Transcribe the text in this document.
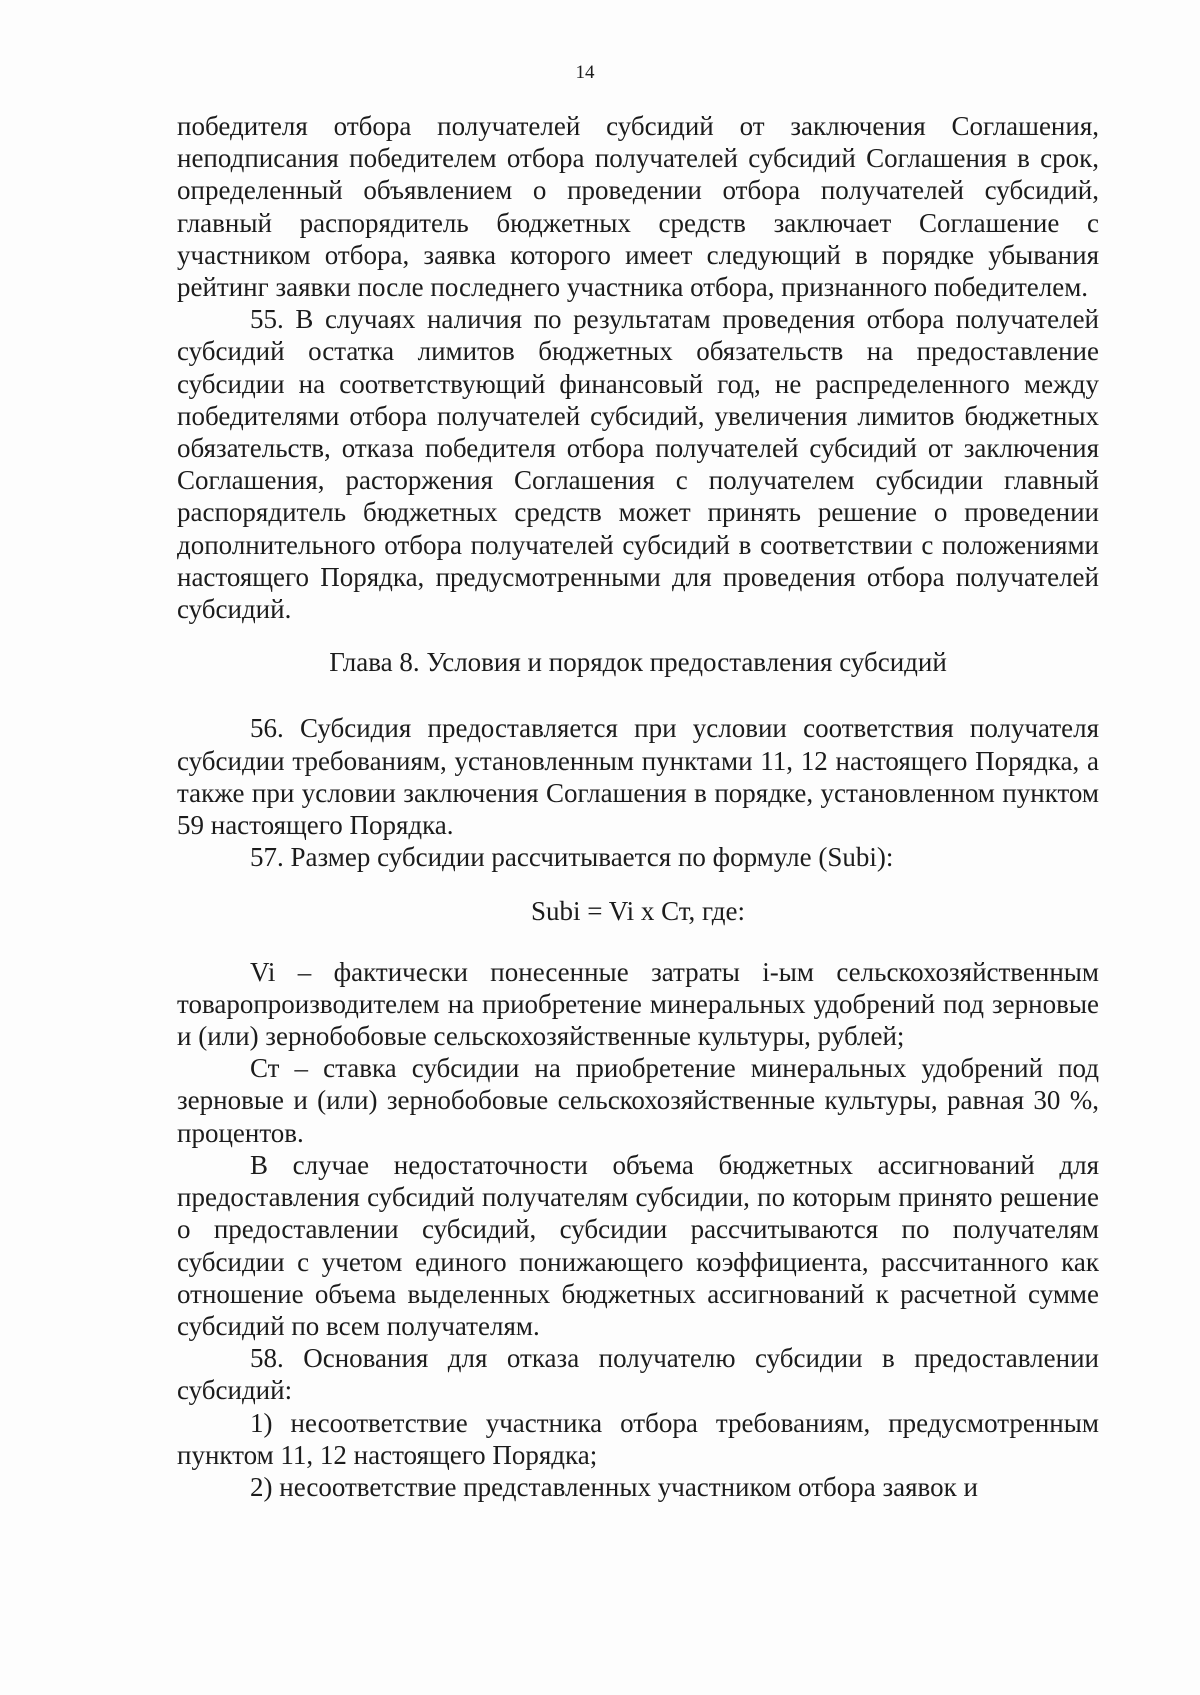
14

победителя отбора получателей субсидий от заключения Соглашения, неподписания победителем отбора получателей субсидий Соглашения в срок, определенный объявлением о проведении отбора получателей субсидий, главный распорядитель бюджетных средств заключает Соглашение с участником отбора, заявка которого имеет следующий в порядке убывания рейтинг заявки после последнего участника отбора, признанного победителем.

55. В случаях наличия по результатам проведения отбора получателей субсидий остатка лимитов бюджетных обязательств на предоставление субсидии на соответствующий финансовый год, не распределенного между победителями отбора получателей субсидий, увеличения лимитов бюджетных обязательств, отказа победителя отбора получателей субсидий от заключения Соглашения, расторжения Соглашения с получателем субсидии главный распорядитель бюджетных средств может принять решение о проведении дополнительного отбора получателей субсидий в соответствии с положениями настоящего Порядка, предусмотренными для проведения отбора получателей субсидий.

Глава 8. Условия и порядок предоставления субсидий

56. Субсидия предоставляется при условии соответствия получателя субсидии требованиям, установленным пунктами 11, 12 настоящего Порядка, а также при условии заключения Соглашения в порядке, установленном пунктом 59 настоящего Порядка.

57. Размер субсидии рассчитывается по формуле (Subi):

Subi = Vi x Ст, где:

Vi – фактически понесенные затраты i-ым сельскохозяйственным товаропроизводителем на приобретение минеральных удобрений под зерновые и (или) зернобобовые сельскохозяйственные культуры, рублей;

Ст – ставка субсидии на приобретение минеральных удобрений под зерновые и (или) зернобобовые сельскохозяйственные культуры, равная 30 %, процентов.

В случае недостаточности объема бюджетных ассигнований для предоставления субсидий получателям субсидии, по которым принято решение о предоставлении субсидий, субсидии рассчитываются по получателям субсидии с учетом единого понижающего коэффициента, рассчитанного как отношение объема выделенных бюджетных ассигнований к расчетной сумме субсидий по всем получателям.

58. Основания для отказа получателю субсидии в предоставлении субсидий:

1) несоответствие участника отбора требованиям, предусмотренным пунктом 11, 12 настоящего Порядка;

2) несоответствие представленных участником отбора заявок и
